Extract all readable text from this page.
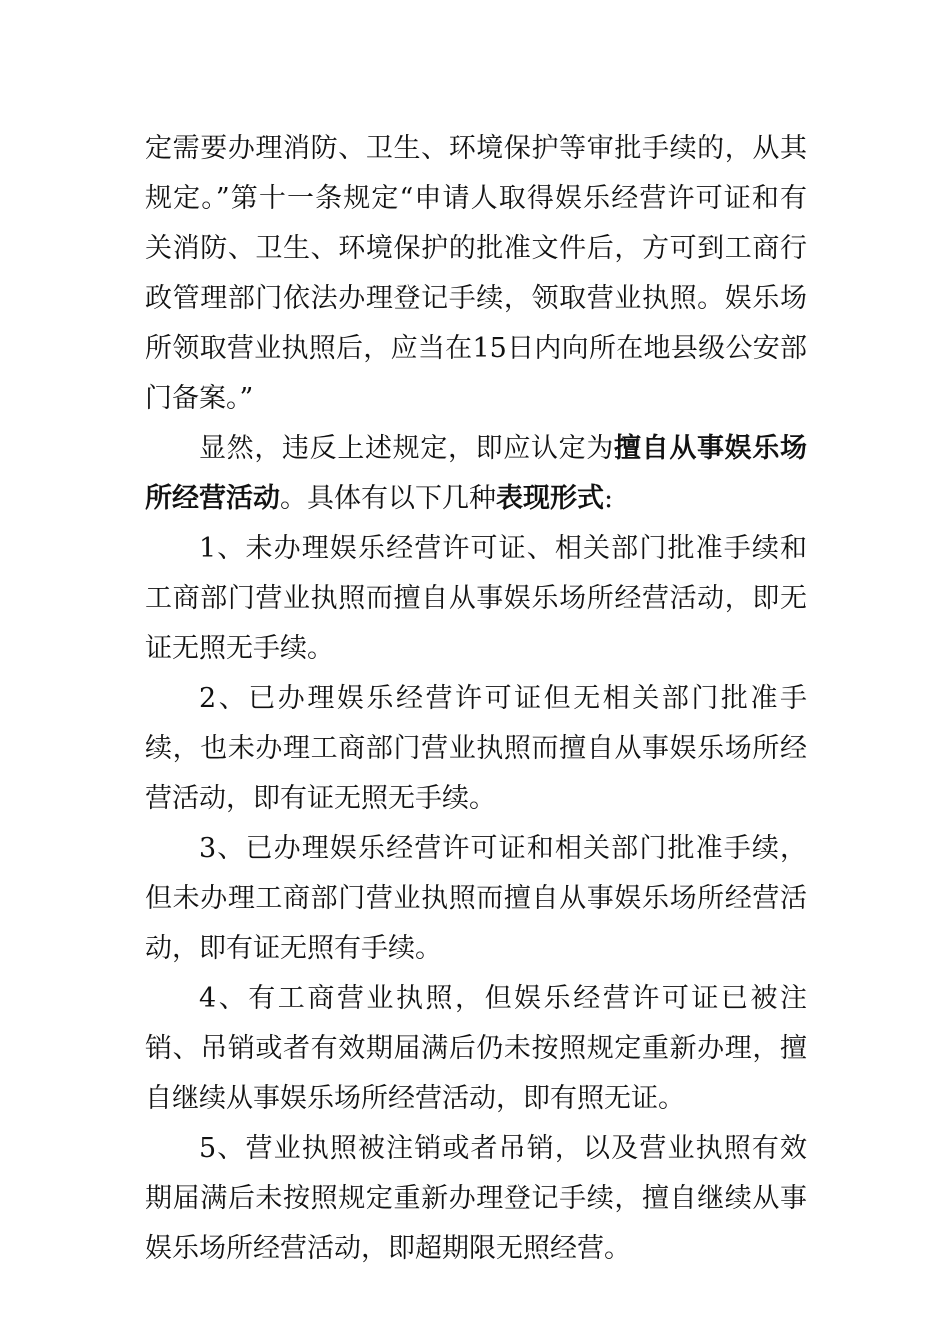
定需要办理消防、卫生、环境保护等审批手续的，从其规定。”第十一条规定“申请人取得娱乐经营许可证和有关消防、卫生、环境保护的批准文件后，方可到工商行政管理部门依法办理登记手续，领取营业执照。娱乐场所领取营业执照后，应当在15日内向所在地县级公安部门备案。”

显然，违反上述规定，即应认定为擅自从事娱乐场所经营活动。具体有以下几种表现形式:

1、未办理娱乐经营许可证、相关部门批准手续和工商部门营业执照而擅自从事娱乐场所经营活动，即无证无照无手续。

2、已办理娱乐经营许可证但无相关部门批准手续，也未办理工商部门营业执照而擅自从事娱乐场所经营活动，即有证无照无手续。

3、已办理娱乐经营许可证和相关部门批准手续，但未办理工商部门营业执照而擅自从事娱乐场所经营活动，即有证无照有手续。

4、有工商营业执照，但娱乐经营许可证已被注销、吊销或者有效期届满后仍未按照规定重新办理，擅自继续从事娱乐场所经营活动，即有照无证。

5、营业执照被注销或者吊销，以及营业执照有效期届满后未按照规定重新办理登记手续，擅自继续从事娱乐场所经营活动，即超期限无照经营。
